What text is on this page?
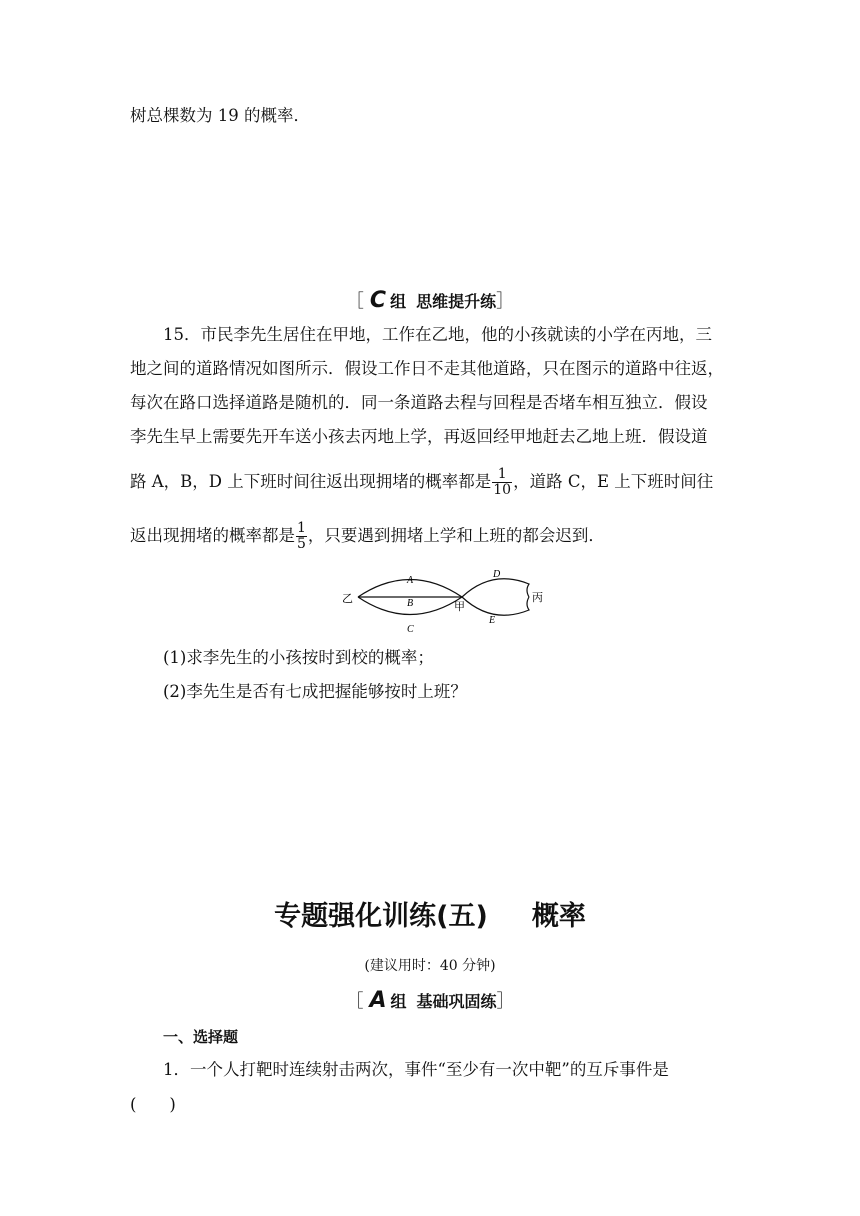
树总棵数为 19 的概率．
［ C 组 思维提升练］
15．市民李先生居住在甲地，工作在乙地，他的小孩就读的小学在丙地，三
地之间的道路情况如图所示．假设工作日不走其他道路，只在图示的道路中往返，
每次在路口选择道路是随机的．同一条道路去程与回程是否堵车相互独立．假设
李先生早上需要先开车送小孩去丙地上学，再返回经甲地赶去乙地上班．假设道
路 A，B，D 上下班时间往返出现拥堵的概率都是 $\frac{1}{10}$ ，道路 C，E 上下班时间往
返出现拥堵的概率都是 $\frac{1}{5}$ ，只要遇到拥堵上学和上班的都会迟到．
乙
甲
丙
A
B
C
D
E
(1)求李先生的小孩按时到校的概率；
(2)李先生是否有七成把握能够按时上班？
专题强化训练(五) 概率
(建议用时：40 分钟)
［ A 组 基础巩固练］
一、选择题
1．一个人打靶时连续射击两次，事件“至少有一次中靶”的互斥事件是
(　　)
